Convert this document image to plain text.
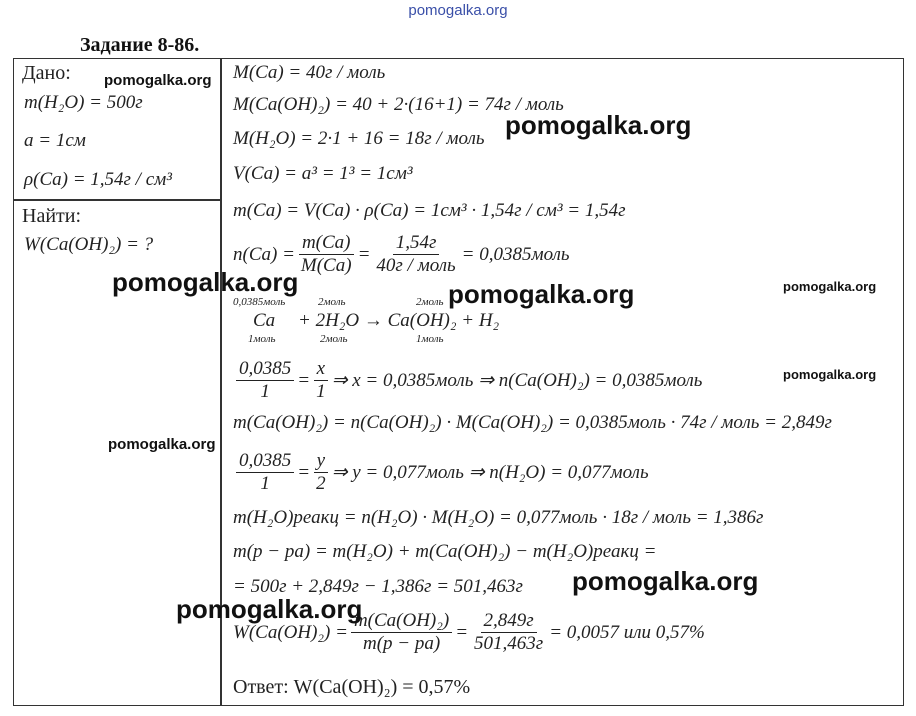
pomogalka.org
Задание 8-86.
Дано:
m(H₂O) = 500г
a = 1см
ρ(Ca) = 1,54г / см³
Найти:
W(Ca(OH)₂) = ?
M(Ca) = 40г / моль
M(Ca(OH)₂) = 40 + 2·(16+1) = 74г / моль
M(H₂O) = 2·1 + 16 = 18г / моль
V(Ca) = a³ = 1³ = 1см³
m(Ca) = V(Ca) · ρ(Ca) = 1см³ · 1,54г / см³ = 1,54г
$n(Ca) = \frac{m(Ca)}{M(Ca)} = \frac{1,54г}{\text{40г / моль}}$ = 0,0385моль
0,0385моль	2моль	2моль
Ca + 2H₂O → Ca(OH)₂ + H₂
1моль	2моль	1моль
$\frac{0,0385}{1} = \frac{x}{1}$ ⇒ x = 0,0385моль ⇒ n(Ca(OH)₂) = 0,0385моль
m(Ca(OH)₂) = n(Ca(OH)₂) · M(Ca(OH)₂) = 0,0385моль · 74г / моль = 2,849г
$\frac{0,0385}{1} = \frac{y}{2}$ ⇒ y = 0,077моль ⇒ n(H₂O) = 0,077моль
m(H₂O)реакц = n(H₂O) · M(H₂O) = 0,077моль · 18г / моль = 1,386г
m(p − pa) = m(H₂O) + m(Ca(OH)₂) − m(H₂O)реакц =
= 500г + 2,849г − 1,386г = 501,463г
$W(Ca(OH)_2) = \frac{\text{m(Ca(OH)₂)}}{m(p - pa)} = \frac{2,849г}{501,463г} = 0,0057$ или 0,57%
Ответ: W(Ca(OH)₂) = 0,57%
pomogalka.org
pomogalka.org
pomogalka.org	pomogalka.org	pomogalka.org
pomogalka.org
pomogalka.org
pomogalka.org
pomogalka.org
